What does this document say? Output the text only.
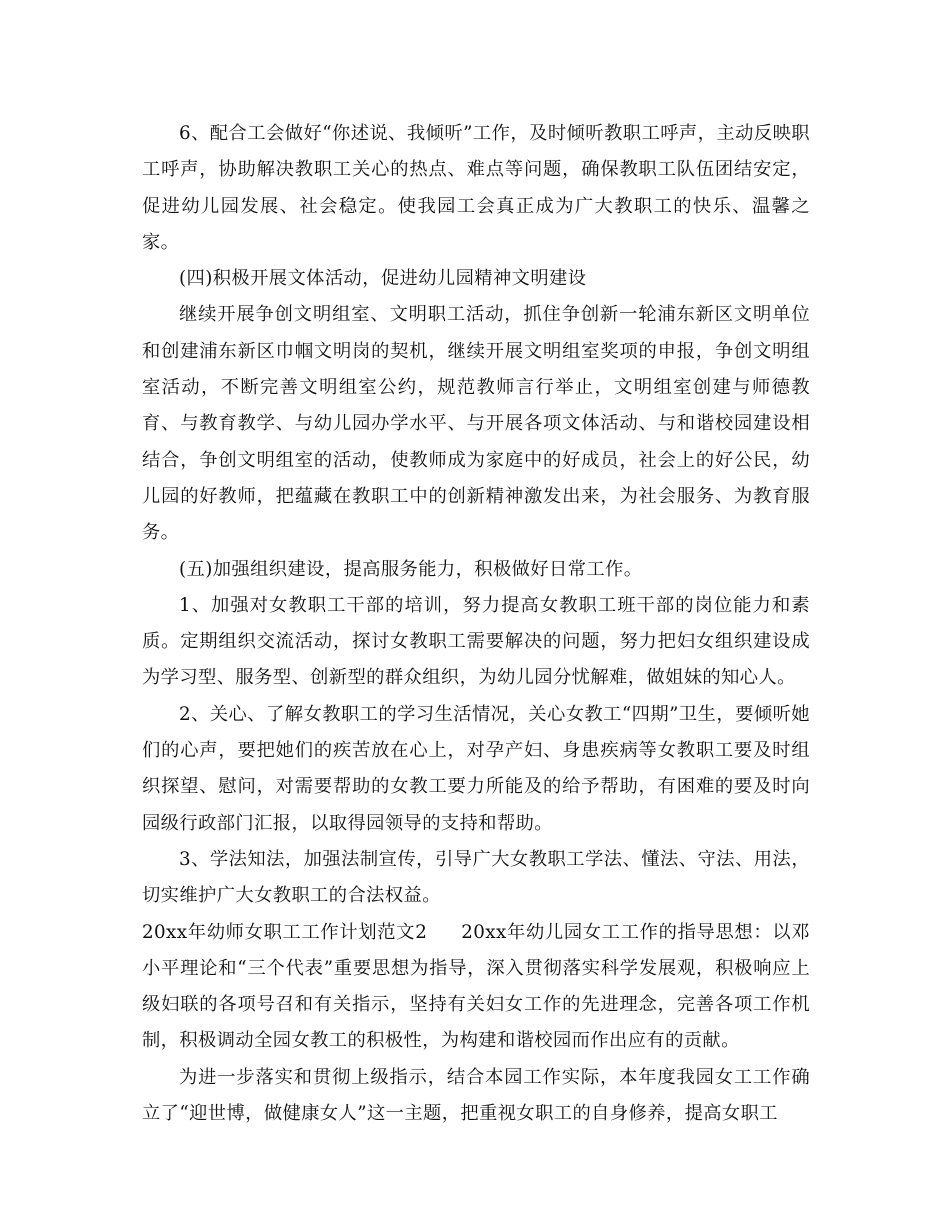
6、配合工会做好“你述说、我倾听”工作，及时倾听教职工呼声，主动反映职工呼声，协助解决教职工关心的热点、难点等问题，确保教职工队伍团结安定，促进幼儿园发展、社会稳定。使我园工会真正成为广大教职工的快乐、温馨之家。

(四)积极开展文体活动，促进幼儿园精神文明建设

继续开展争创文明组室、文明职工活动，抓住争创新一轮浦东新区文明单位和创建浦东新区巾帼文明岗的契机，继续开展文明组室奖项的申报，争创文明组室活动，不断完善文明组室公约，规范教师言行举止，文明组室创建与师德教育、与教育教学、与幼儿园办学水平、与开展各项文体活动、与和谐校园建设相结合，争创文明组室的活动，使教师成为家庭中的好成员，社会上的好公民，幼儿园的好教师，把蕴藏在教职工中的创新精神激发出来，为社会服务、为教育服务。

(五)加强组织建设，提高服务能力，积极做好日常工作。

1、加强对女教职工干部的培训，努力提高女教职工班干部的岗位能力和素质。定期组织交流活动，探讨女教职工需要解决的问题，努力把妇女组织建设成为学习型、服务型、创新型的群众组织，为幼儿园分忧解难，做姐妹的知心人。

2、关心、了解女教职工的学习生活情况，关心女教工“四期”卫生，要倾听她们的心声，要把她们的疾苦放在心上，对孕产妇、身患疾病等女教职工要及时组织探望、慰问，对需要帮助的女教工要力所能及的给予帮助，有困难的要及时向园级行政部门汇报，以取得园领导的支持和帮助。

3、学法知法，加强法制宣传，引导广大女教职工学法、懂法、守法、用法，切实维护广大女教职工的合法权益。

20xx年幼师女职工工作计划范文2 20xx年幼儿园女工工作的指导思想：以邓小平理论和“三个代表”重要思想为指导，深入贯彻落实科学发展观，积极响应上级妇联的各项号召和有关指示，坚持有关妇女工作的先进理念，完善各项工作机制，积极调动全园女教工的积极性，为构建和谐校园而作出应有的贡献。

为进一步落实和贯彻上级指示，结合本园工作实际，本年度我园女工工作确立了“迎世博，做健康女人”这一主题，把重视女职工的自身修养，提高女职工
